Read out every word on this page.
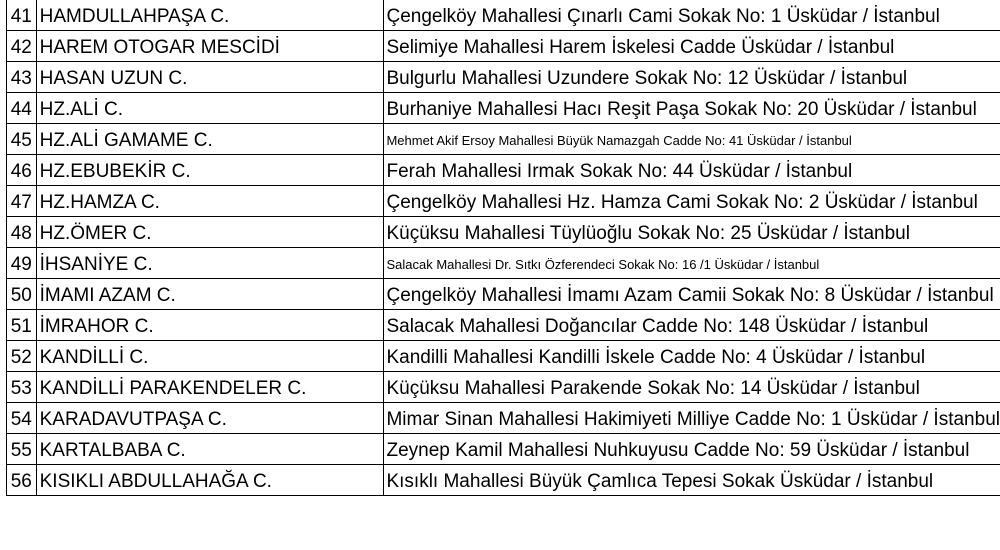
41	HAMDULLAHPAŞA C.	Çengelköy Mahallesi Çınarlı Cami Sokak No: 1 Üsküdar / İstanbul
42	HAREM OTOGAR MESCİDİ	Selimiye Mahallesi Harem İskelesi Cadde Üsküdar / İstanbul
43	HASAN UZUN C.	Bulgurlu Mahallesi Uzundere Sokak No: 12 Üsküdar / İstanbul
44	HZ.ALİ C.	Burhaniye Mahallesi Hacı Reşit Paşa Sokak No: 20 Üsküdar / İstanbul
45	HZ.ALİ GAMAME C.	Mehmet Akif Ersoy Mahallesi Büyük Namazgah Cadde No: 41 Üsküdar / İstanbul
46	HZ.EBUBEKİR C.	Ferah Mahallesi Irmak Sokak No: 44 Üsküdar / İstanbul
47	HZ.HAMZA C.	Çengelköy Mahallesi Hz. Hamza Cami Sokak No: 2 Üsküdar / İstanbul
48	HZ.ÖMER C.	Küçüksu Mahallesi Tüylüoğlu Sokak No: 25 Üsküdar / İstanbul
49	İHSANİYE C.	Salacak Mahallesi Dr. Sıtkı Özferendeci Sokak No: 16 /1 Üsküdar / İstanbul
50	İMAMI AZAM C.	Çengelköy Mahallesi İmamı Azam Camii Sokak No: 8 Üsküdar / İstanbul
51	İMRAHOR C.	Salacak Mahallesi Doğancılar Cadde No: 148 Üsküdar / İstanbul
52	KANDİLLİ C.	Kandilli Mahallesi Kandilli İskele Cadde No: 4 Üsküdar / İstanbul
53	KANDİLLİ PARAKENDELER C.	Küçüksu Mahallesi Parakende Sokak No: 14 Üsküdar / İstanbul
54	KARADAVUTPAŞA C.	Mimar Sinan Mahallesi Hakimiyeti Milliye Cadde No: 1 Üsküdar / İstanbul
55	KARTALBABA C.	Zeynep Kamil Mahallesi Nuhkuyusu Cadde No: 59 Üsküdar / İstanbul
56	KISIKLI ABDULLAHAĞA C.	Kısıklı Mahallesi Büyük Çamlıca Tepesi Sokak Üsküdar / İstanbul
